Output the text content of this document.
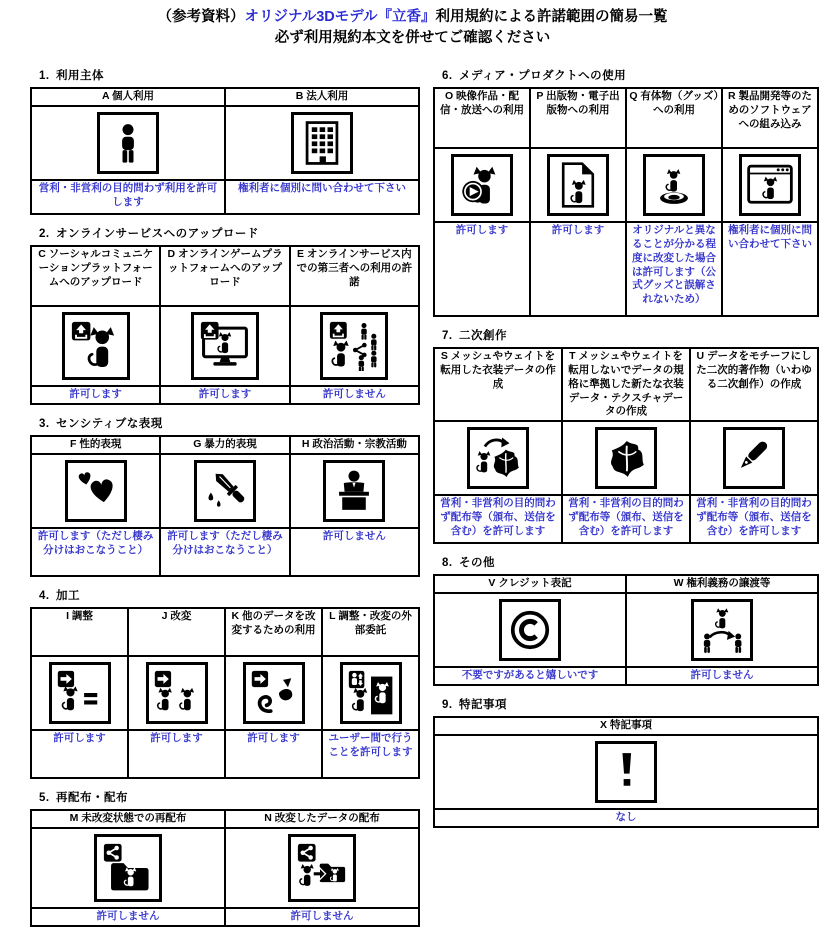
（参考資料）オリジナル3Dモデル『立香』利用規約による許諾範囲の簡易一覧
必ず利用規約本文を併せてご確認ください
1. 利用主体
A 個人利用	B 法人利用

営利・非営利の目的問わず利用を許可します	権利者に個別に問い合わせて下さい
2. オンラインサービスへのアップロード
C ソーシャルコミュニケーションプラットフォームへのアップロード	D オンラインゲームプラットフォームへのアップロード	E オンラインサービス内での第三者への利用の許諾

許可します	許可します	許可しません
3. センシティブな表現
F 性的表現	G 暴力的表現	H 政治活動・宗教活動

許可します（ただし棲み分けはおこなうこと）	許可します（ただし棲み分けはおこなうこと）	許可しません
4. 加工
I 調整	J 改変	K 他のデータを改変するための利用	L 調整・改変の外部委託

許可します	許可します	許可します	ユーザー間で行うことを許可します
5. 再配布・配布
M 未改変状態での再配布	N 改変したデータの配布

許可しません	許可しません
6. メディア・プロダクトへの使用
O 映像作品・配信・放送への利用	P 出版物・電子出版物への利用	Q 有体物（グッズ）への利用	R 製品開発等のためのソフトウェアへの組み込み

許可します	許可します	オリジナルと異なることが分かる程度に改変した場合は許可します（公式グッズと誤解されないため）	権利者に個別に問い合わせて下さい
7. 二次創作
S メッシュやウェイトを転用した衣装データの作成	T メッシュやウェイトを転用しないでデータの規格に準拠した新たな衣装データ・テクスチャデータの作成	U データをモチーフにした二次的著作物（いわゆる二次創作）の作成

営利・非営利の目的問わず配布等（頒布、送信を含む）を許可します	営利・非営利の目的問わず配布等（頒布、送信を含む）を許可します	営利・非営利の目的問わず配布等（頒布、送信を含む）を許可します
8. その他
V クレジット表記	W 権利義務の譲渡等

不要ですがあると嬉しいです	許可しません
9. 特記事項
X 特記事項

なし
